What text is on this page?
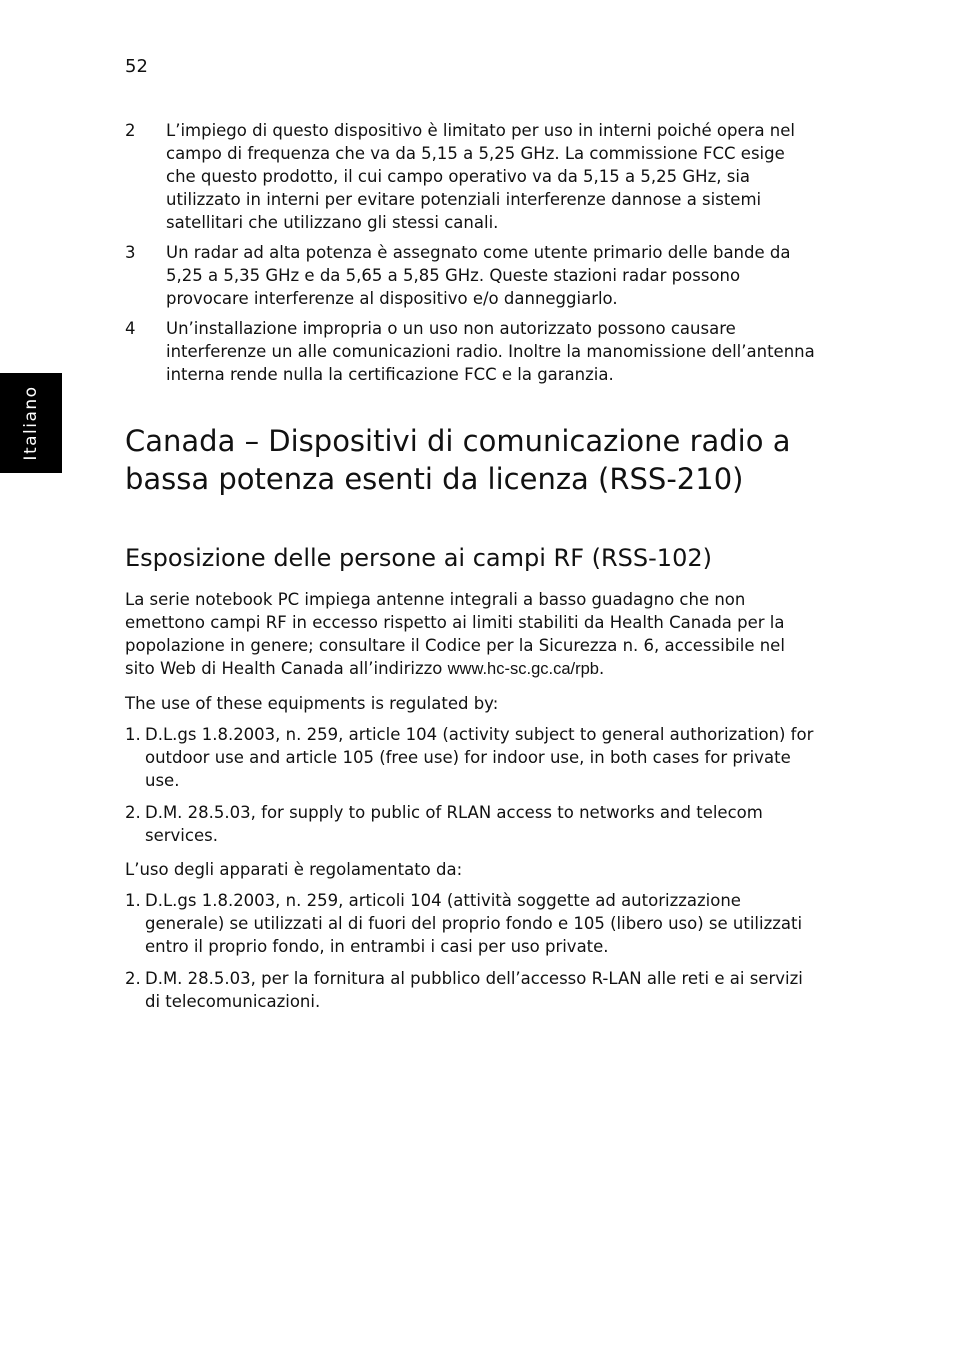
52
Italiano
2	L’impiego di questo dispositivo è limitato per uso in interni poiché opera nel campo di frequenza che va da 5,15 a 5,25 GHz. La commissione FCC esige che questo prodotto, il cui campo operativo va da 5,15 a 5,25 GHz, sia utilizzato in interni per evitare potenziali interferenze dannose a sistemi satellitari che utilizzano gli stessi canali.
3	Un radar ad alta potenza è assegnato come utente primario delle bande da 5,25 a 5,35 GHz e da 5,65 a 5,85 GHz. Queste stazioni radar possono provocare interferenze al dispositivo e/o danneggiarlo.
4	Un’installazione impropria o un uso non autorizzato possono causare interferenze un alle comunicazioni radio. Inoltre la manomissione dell’antenna interna rende nulla la certificazione FCC e la garanzia.
Canada – Dispositivi di comunicazione radio a bassa potenza esenti da licenza (RSS-210)
Esposizione delle persone ai campi RF (RSS-102)

La serie notebook PC impiega antenne integrali a basso guadagno che non emettono campi RF in eccesso rispetto ai limiti stabiliti da Health Canada per la popolazione in genere; consultare il Codice per la Sicurezza n. 6, accessibile nel sito Web di Health Canada all’indirizzo www.hc-sc.gc.ca/rpb.

The use of these equipments is regulated by:

1. D.L.gs 1.8.2003, n. 259, article 104 (activity subject to general authorization) for outdoor use and article 105 (free use) for indoor use, in both cases for private use.
2. D.M. 28.5.03, for supply to public of RLAN access to networks and telecom services.

L’uso degli apparati è regolamentato da:

1. D.L.gs 1.8.2003, n. 259, articoli 104 (attività soggette ad autorizzazione generale) se utilizzati al di fuori del proprio fondo e 105 (libero uso) se utilizzati entro il proprio fondo, in entrambi i casi per uso private.
2. D.M. 28.5.03, per la fornitura al pubblico dell’accesso R-LAN alle reti e ai servizi di telecomunicazioni.
